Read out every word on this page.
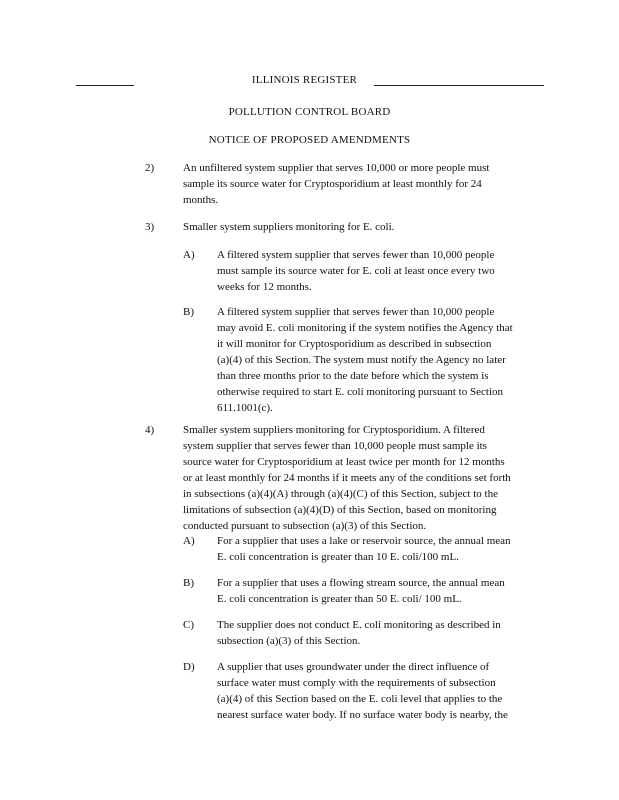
ILLINOIS REGISTER
POLLUTION CONTROL BOARD
NOTICE OF PROPOSED AMENDMENTS
2)	An unfiltered system supplier that serves 10,000 or more people must
sample its source water for Cryptosporidium at least monthly for 24
months.
3)	Smaller system suppliers monitoring for E. coli.
A) A filtered system supplier that serves fewer than 10,000 people
must sample its source water for E. coli at least once every two
weeks for 12 months.
B) A filtered system supplier that serves fewer than 10,000 people
may avoid E. coli monitoring if the system notifies the Agency that
it will monitor for Cryptosporidium as described in subsection
(a)(4) of this Section. The system must notify the Agency no later
than three months prior to the date before which the system is
otherwise required to start E. coli monitoring pursuant to Section
611.1001(c).
4)	Smaller system suppliers monitoring for Cryptosporidium. A filtered
system supplier that serves fewer than 10,000 people must sample its
source water for Cryptosporidium at least twice per month for 12 months
or at least monthly for 24 months if it meets any of the conditions set forth
in subsections (a)(4)(A) through (a)(4)(C) of this Section, subject to the
limitations of subsection (a)(4)(D) of this Section, based on monitoring
conducted pursuant to subsection (a)(3) of this Section.
A) For a supplier that uses a lake or reservoir source, the annual mean
E. coli concentration is greater than 10 E. coli/100 mL.
B) For a supplier that uses a flowing stream source, the annual mean
E. coli concentration is greater than 50 E. coli/ 100 mL.
C) The supplier does not conduct E. coli monitoring as described in
subsection (a)(3) of this Section.
D) A supplier that uses groundwater under the direct influence of
surface water must comply with the requirements of subsection
(a)(4) of this Section based on the E. coli level that applies to the
nearest surface water body. If no surface water body is nearby, the
